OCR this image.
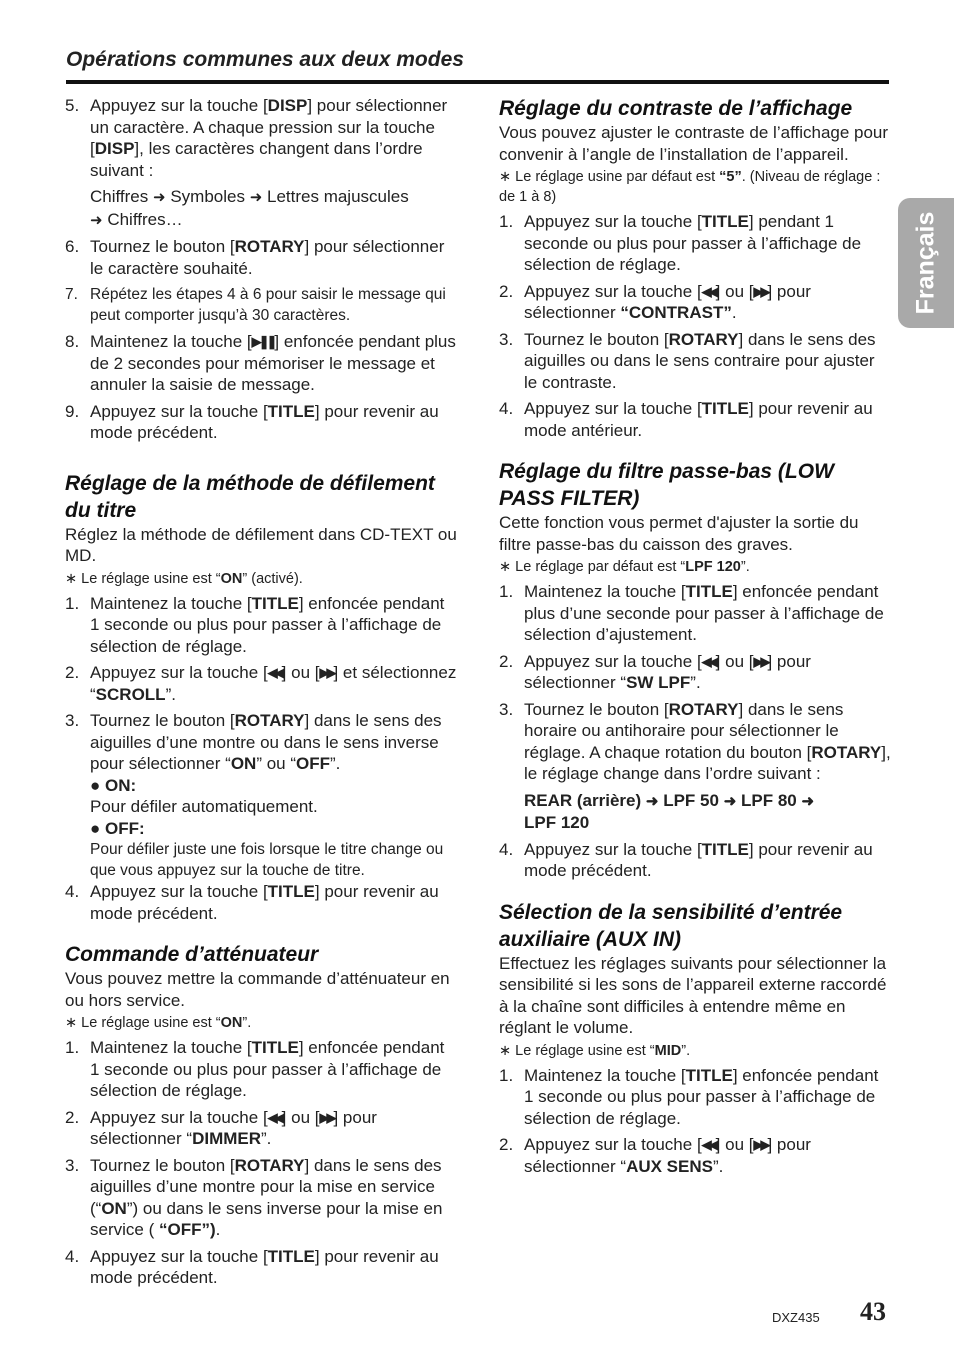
Opérations communes aux deux modes
Français
5. Appuyez sur la touche [DISP] pour sélectionner un caractère. A chaque pression sur la touche [DISP], les caractères changent dans l’ordre suivant :
Chiffres ➜ Symboles ➜ Lettres majuscules
➜ Chiffres…
6. Tournez le bouton [ROTARY] pour sélectionner le caractère souhaité.
7. Répétez les étapes 4 à 6 pour saisir le message qui peut comporter jusqu’à 30 caractères.
8. Maintenez la touche [▶❚❚] enfoncée pendant plus de 2 secondes pour mémoriser le message et annuler la saisie de message.
9. Appuyez sur la touche [TITLE] pour revenir au mode précédent.
Réglage de la méthode de défilement du titre

Réglez la méthode de défilement dans CD-TEXT ou MD.

∗ Le réglage usine est “ON” (activé).

1. Maintenez la touche [TITLE] enfoncée pendant 1 seconde ou plus pour passer à l’affichage de sélection de réglage.
2. Appuyez sur la touche [◀◀] ou [▶▶] et sélectionnez “SCROLL”.
3. Tournez le bouton [ROTARY] dans le sens des aiguilles d’une montre ou dans le sens inverse pour sélectionner “ON” ou “OFF”.

● ON:

Pour défiler automatiquement.

● OFF:

Pour défiler juste une fois lorsque le titre change ou que vous appuyez sur la touche de titre.

4. Appuyez sur la touche [TITLE] pour revenir au mode précédent.
Commande d’atténuateur

Vous pouvez mettre la commande d’atténuateur en ou hors service.

∗ Le réglage usine est “ON”.

1. Maintenez la touche [TITLE] enfoncée pendant 1 seconde ou plus pour passer à l’affichage de sélection de réglage.
2. Appuyez sur la touche [◀◀] ou [▶▶] pour sélectionner “DIMMER”.
3. Tournez le bouton [ROTARY] dans le sens des aiguilles d’une montre pour la mise en service (“ON”) ou dans le sens inverse pour la mise en service ( “OFF”).
4. Appuyez sur la touche [TITLE] pour revenir au mode précédent.
Réglage du contraste de l’affichage

Vous pouvez ajuster le contraste de l’affichage pour convenir à l’angle de l’installation de l’appareil.

∗ Le réglage usine par défaut est “5”. (Niveau de réglage : de 1 à 8)

1. Appuyez sur la touche [TITLE] pendant 1 seconde ou plus pour passer à l’affichage de sélection de réglage.
2. Appuyez sur la touche [◀◀] ou [▶▶] pour sélectionner “CONTRAST”.
3. Tournez le bouton [ROTARY] dans le sens des aiguilles ou dans le sens contraire pour ajuster le contraste.
4. Appuyez sur la touche [TITLE] pour revenir au mode antérieur.
Réglage du filtre passe-bas (LOW PASS FILTER)

Cette fonction vous permet d'ajuster la sortie du filtre passe-bas du caisson des graves.

∗ Le réglage par défaut est “LPF 120”.

1. Maintenez la touche [TITLE] enfoncée pendant plus d’une seconde pour passer à l’affichage de sélection d’ajustement.
2. Appuyez sur la touche [◀◀] ou [▶▶] pour sélectionner “SW LPF”.
3. Tournez le bouton [ROTARY] dans le sens horaire ou antihoraire pour sélectionner le réglage. A chaque rotation du bouton [ROTARY], le réglage change dans l’ordre suivant :
REAR (arrière) ➜ LPF 50 ➜ LPF 80 ➜
LPF 120
4. Appuyez sur la touche [TITLE] pour revenir au mode précédent.
Sélection de la sensibilité d’entrée auxiliaire (AUX IN)

Effectuez les réglages suivants pour sélectionner la sensibilité si les sons de l’appareil externe raccordé à la chaîne sont difficiles à entendre même en réglant le volume.

∗ Le réglage usine est “MID”.

1. Maintenez la touche [TITLE] enfoncée pendant 1 seconde ou plus pour passer à l’affichage de sélection de réglage.
2. Appuyez sur la touche [◀◀] ou [▶▶] pour sélectionner “AUX SENS”.
DXZ435 43
